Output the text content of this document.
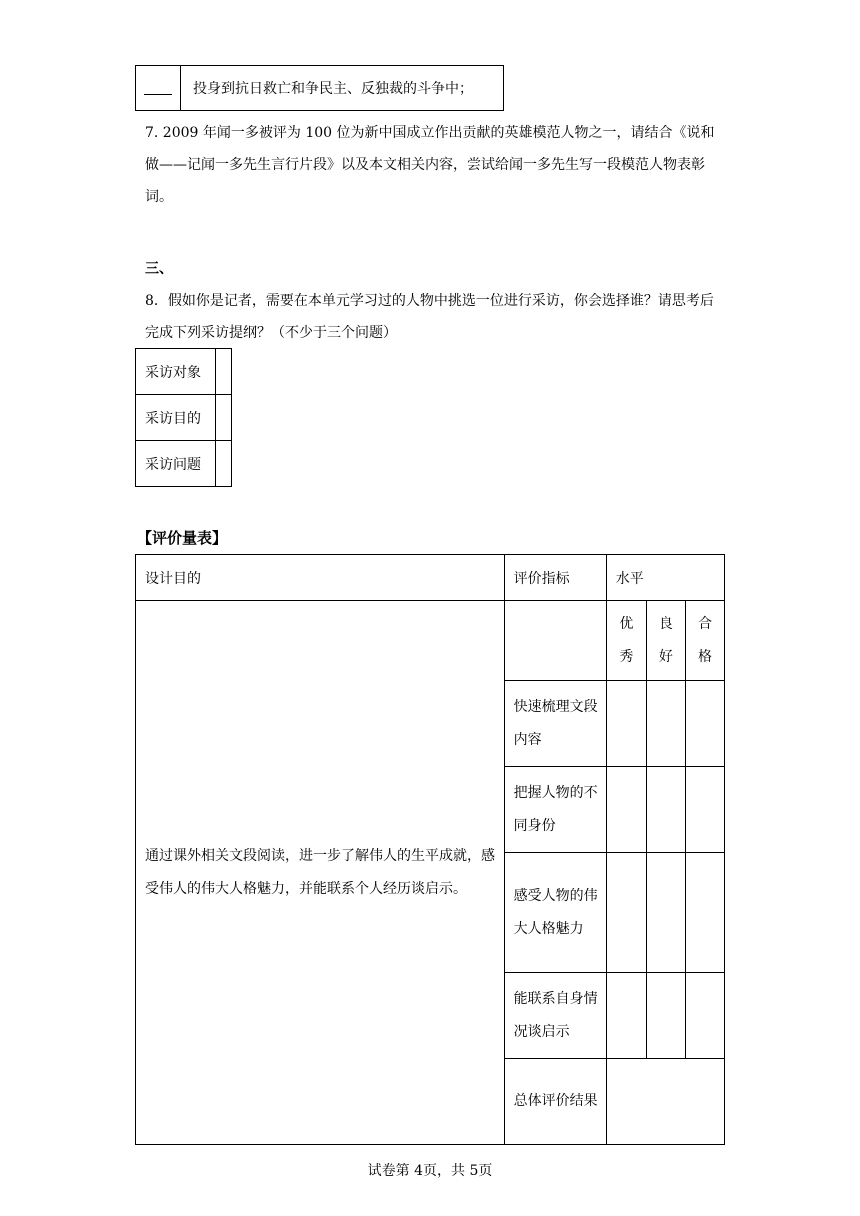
	投身到抗日救亡和争民主、反独裁的斗争中；
7. 2009 年闻一多被评为 100 位为新中国成立作出贡献的英雄模范人物之一，请结合《说和做——记闻一多先生言行片段》以及本文相关内容，尝试给闻一多先生写一段模范人物表彰词。
三、
8．假如你是记者，需要在本单元学习过的人物中挑选一位进行采访，你会选择谁？请思考后完成下列采访提纲？（不少于三个问题）
采访对象	
采访目的	
采访问题	
【评价量表】
设计目的	评价指标	水平		
通过课外相关文段阅读，进一步了解伟人的生平成就，感受伟人的伟大人格魅力，并能联系个人经历谈启示。		优秀	良好	合格

	快速梳理文段内容			
	把握人物的不同身份			
	感受人物的伟大人格魅力			
	能联系自身情况谈启示			
	总体评价结果			
试卷第 4页，共 5页
